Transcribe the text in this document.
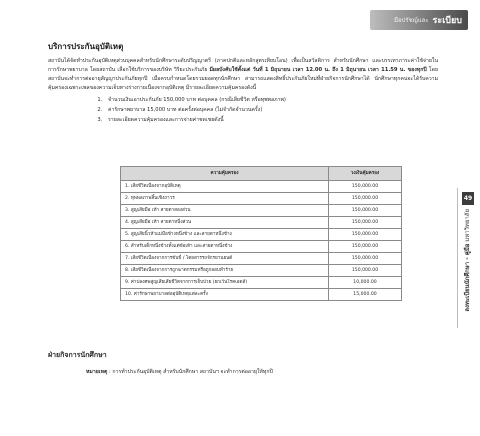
มือปรัชญ์และ ระเบียบ
บริการประกันอุบัติเหตุ

สถาบันได้จัดทำประกันอุบัติเหตุส่วนบุคคลสำหรับนักศึกษาระดับปริญญาตรี (ภาคปกติและหลักสูตรเทียบโอน) เพื่อเป็นสวัสดิการ สำหรับนักศึกษา และบรรเทาภาระค่าใช้จ่ายในการรักษาพยาบาล โดยสถาบัน เลือกใช้บริการของบริษัท วิริยะประกันภัย มีผลบังคับใช้ตั้งแต่ วันที่ 1 มิถุนายน เวลา 12.00 น. ถึง 1 มิถุนายน เวลา 11.59 น. ของทุกปี โดยสถาบันจะทำการต่ออายุสัญญาประกันภัยทุกปี เมื่อครบกำหนดโดยรวมยอดทุกนักศึกษา สามารถแสดงสิทธิ์ประกันภัยใหม่ที่ฝ่ายกิจการนักศึกษาได้ นักศึกษาทุกคนจะได้รับความคุ้มครองเฉพาะเพลของความเจ็บทางร่างกายเนื่องจากอุบัติเหตุ มีรายละเอียดความคุ้มครองดังนี้

1. จำนวนเงินเอาประกันภัย 150,000 บาท ต่อบุคคล (กรณีเสียชีวิต หรือทุพพลภาพ)
2. ค่ารักษาพยาบาล 15,000 บาท ต่อครั้งต่อบุคคล (ไม่จำกัดจำนวนครั้ง)
3. รายละเอียดความคุ้มครองและการจ่ายค่าชดเชยดังนี้
ความคุ้มครอง	วงเงินคุ้มครอง
1. เสียชีวิตเนื่องจากอุบัติเหตุ	150,000.00
2. ทุพพลภาพสิ้นเชิงถาวร	150,000.00
3. สูญเสียมือ เท้า สายตาสองส่วน	150,000.00
4. สูญเสียมือ เท้า สายตาหนึ่งส่วน	150,000.00
5. สูญเสียนิ้วหัวแม่มือข้างหนึ่งข้าง และสายตาหนึ่งข้าง	150,000.00
6. สำหรับเด็กหนึ่งข้างทั้งแต่ข้อเท้า และสายตาหนึ่งข้าง	150,000.00
7. เสียชีวิตเนื่องจากการขับขี่ / โดยสารรถจักรยานยนต์	150,000.00
8. เสียชีวิตเนื่องจากการถูกฆาตกรรมหรือถูกลอบทำร้าย	150,000.00
9. ค่าปลงศพสูญเสียเสียชีวิตจากการเจ็บป่วย (ยกเว้นโรคเอดส์)	10,000.00
10. ค่ารักษาพยาบาลต่ออุบัติเหตุแต่ละครั้ง	15,000.00
ฝ่ายกิจการนักศึกษา
หมายเหตุ : การทำประกันอุบัติเหตุ สำหรับนักศึกษา สถาบันฯ จะทำการต่ออายุให้ทุกปี
49
ลงทะเบียนนักศึกษา - คู่มือ มหาวิทยาลัย
